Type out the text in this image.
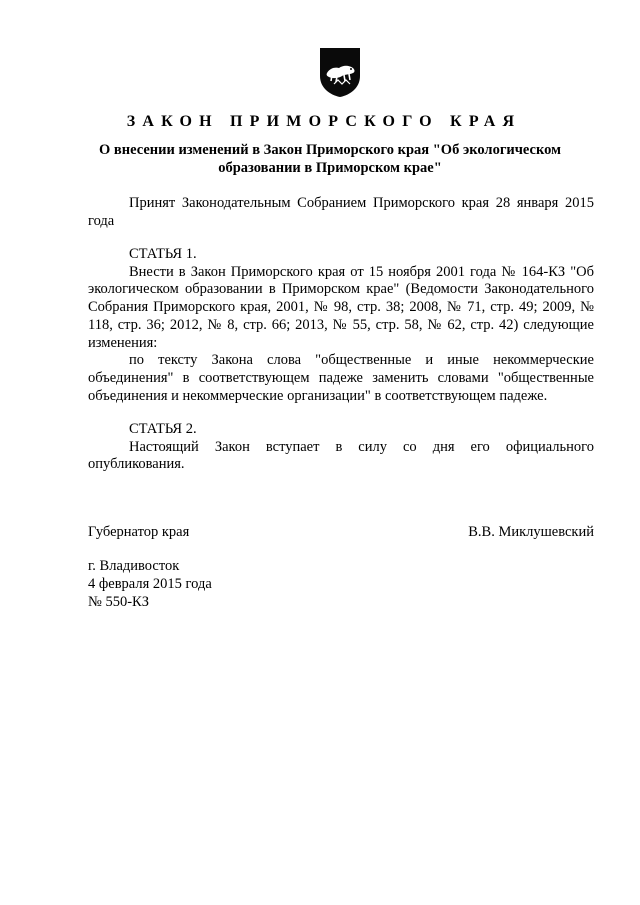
ЗАКОН ПРИМОРСКОГО КРАЯ
О внесении изменений в Закон Приморского края "Об экологическом
образовании в Приморском крае"

Принят Законодательным Собранием Приморского края 28 января 2015 года

СТАТЬЯ 1.

Внести в Закон Приморского края от 15 ноября 2001 года № 164-КЗ "Об экологическом образовании в Приморском крае" (Ведомости Законодательного Собрания Приморского края, 2001, № 98, стр. 38; 2008, № 71, стр. 49; 2009, № 118, стр. 36; 2012, № 8, стр. 66; 2013, № 55, стр. 58, № 62, стр. 42) следующие изменения:

по тексту Закона слова "общественные и иные некоммерческие объединения" в соответствующем падеже заменить словами "общественные объединения и некоммерческие организации" в соответствующем падеже.

СТАТЬЯ 2.

Настоящий Закон вступает в силу со дня его официального опубликования.

Губернатор края	В.В. Миклушевский
г. Владивосток
4 февраля 2015 года
№ 550-КЗ
